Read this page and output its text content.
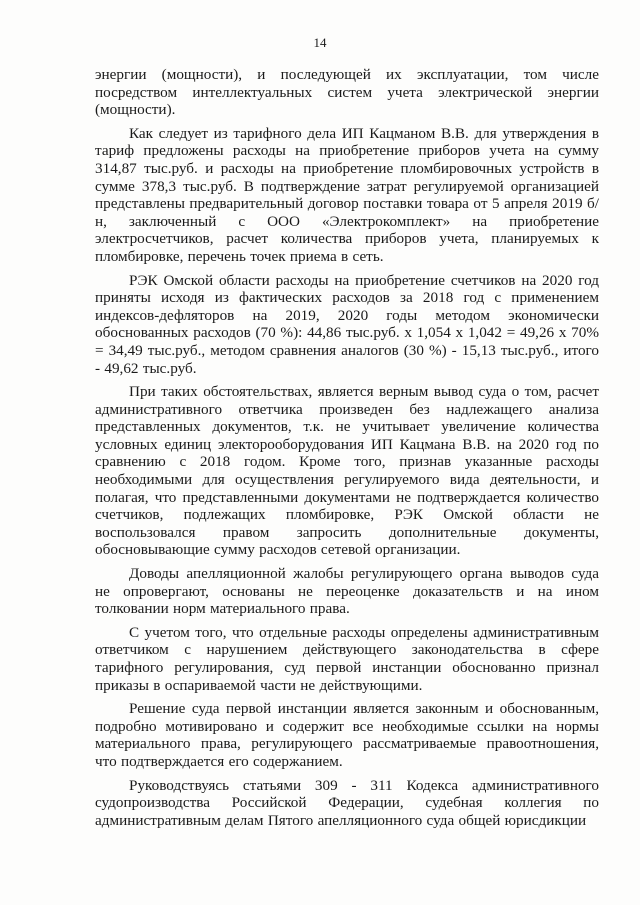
14

энергии (мощности), и последующей их эксплуатации, том числе посредством интеллектуальных систем учета электрической энергии (мощности).

Как следует из тарифного дела ИП Кацманом В.В. для утверждения в тариф предложены расходы на приобретение приборов учета на сумму 314,87 тыс.руб. и расходы на приобретение пломбировочных устройств в сумме 378,3 тыс.руб. В подтверждение затрат регулируемой организацией представлены предварительный договор поставки товара от 5 апреля 2019 б/н, заключенный с ООО «Электрокомплект» на приобретение электросчетчиков, расчет количества приборов учета, планируемых к пломбировке, перечень точек приема в сеть.

РЭК Омской области расходы на приобретение счетчиков на 2020 год приняты исходя из фактических расходов за 2018 год с применением индексов-дефляторов на 2019, 2020 годы методом экономически обоснованных расходов (70 %): 44,86 тыс.руб. х 1,054 х 1,042 = 49,26 х 70% = 34,49 тыс.руб., методом сравнения аналогов (30 %) - 15,13 тыс.руб., итого - 49,62 тыс.руб.

При таких обстоятельствах, является верным вывод суда о том, расчет административного ответчика произведен без надлежащего анализа представленных документов, т.к. не учитывает увеличение количества условных единиц электорооборудования ИП Кацмана В.В. на 2020 год по сравнению с 2018 годом. Кроме того, признав указанные расходы необходимыми для осуществления регулируемого вида деятельности, и полагая, что представленными документами не подтверждается количество счетчиков, подлежащих пломбировке, РЭК Омской области не воспользовался правом запросить дополнительные документы, обосновывающие сумму расходов сетевой организации.

Доводы апелляционной жалобы регулирующего органа выводов суда не опровергают, основаны не переоценке доказательств и на ином толковании норм материального права.

С учетом того, что отдельные расходы определены административным ответчиком с нарушением действующего законодательства в сфере тарифного регулирования, суд первой инстанции обоснованно признал приказы в оспариваемой части не действующими.

Решение суда первой инстанции является законным и обоснованным, подробно мотивировано и содержит все необходимые ссылки на нормы материального права, регулирующего рассматриваемые правоотношения, что подтверждается его содержанием.

Руководствуясь статьями 309 - 311 Кодекса административного судопроизводства Российской Федерации, судебная коллегия по административным делам Пятого апелляционного суда общей юрисдикции
